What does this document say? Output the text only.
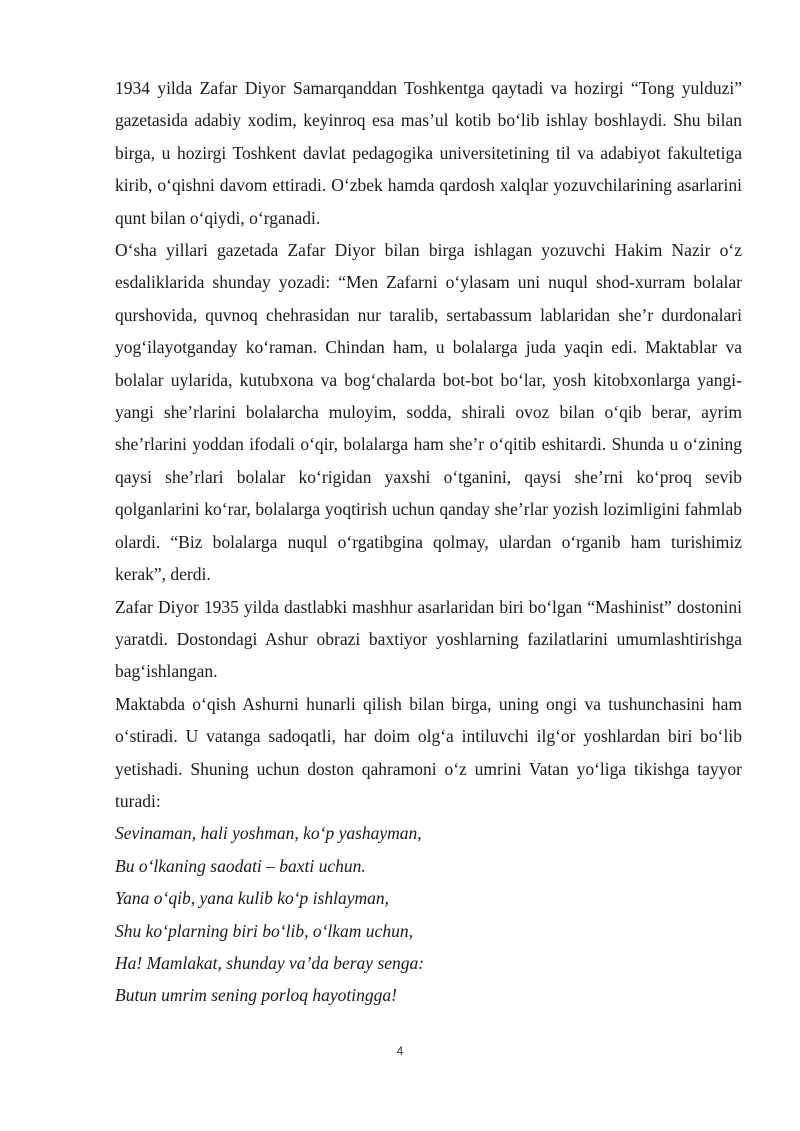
1934 yilda Zafar Diyor Samarqanddan Toshkentga qaytadi va hozirgi “Tong yulduzi” gazetasida adabiy xodim, keyinroq esa mas’ul kotib bo‘lib ishlay boshlaydi. Shu bilan birga, u hozirgi Toshkent davlat pedagogika universitetining til va adabiyot fakultetiga kirib, o‘qishni davom ettiradi. O‘zbek hamda qardosh xalqlar yozuvchilarining asarlarini qunt bilan o‘qiydi, o‘rganadi.

O‘sha yillari gazetada Zafar Diyor bilan birga ishlagan yozuvchi Hakim Nazir o‘z esdaliklarida shunday yozadi: “Men Zafarni o‘ylasam uni nuqul shod-xurram bolalar qurshovida, quvnoq chehrasidan nur taralib, sertabassum lablaridan she’r durdonalari yog‘ilayotganday ko‘raman. Chindan ham, u bolalarga juda yaqin edi. Maktablar va bolalar uylarida, kutubxona va bog‘chalarda bot-bot bo‘lar, yosh kitobxonlarga yangi-yangi she’rlarini bolalarcha muloyim, sodda, shirali ovoz bilan o‘qib berar, ayrim she’rlarini yoddan ifodali o‘qir, bolalarga ham she’r o‘qitib eshitardi. Shunda u o‘zining qaysi she’rlari bolalar ko‘rigidan yaxshi o‘tganini, qaysi she’rni ko‘proq sevib qolganlarini ko‘rar, bolalarga yoqtirish uchun qanday she’rlar yozish lozimligini fahmlab olardi. “Biz bolalarga nuqul o‘rgatibgina qolmay, ulardan o‘rganib ham turishimiz kerak”, derdi.

Zafar Diyor 1935 yilda dastlabki mashhur asarlaridan biri bo‘lgan “Mashinist” dostonini yaratdi. Dostondagi Ashur obrazi baxtiyor yoshlarning fazilatlarini umumlashtirishga bag‘ishlangan.

Maktabda o‘qish Ashurni hunarli qilish bilan birga, uning ongi va tushunchasini ham o‘stiradi. U vatanga sadoqatli, har doim olg‘a intiluvchi ilg‘or yoshlardan biri bo‘lib yetishadi. Shuning uchun doston qahramoni o‘z umrini Vatan yo‘liga tikishga tayyor turadi:

Sevinaman, hali yoshman, ko‘p yashayman,

Bu o‘lkaning saodati – baxti uchun.

Yana o‘qib, yana kulib ko‘p ishlayman,

Shu ko‘plarning biri bo‘lib, o‘lkam uchun,

Ha! Mamlakat, shunday va’da beray senga:

Butun umrim sening porloq hayotingga!

4
